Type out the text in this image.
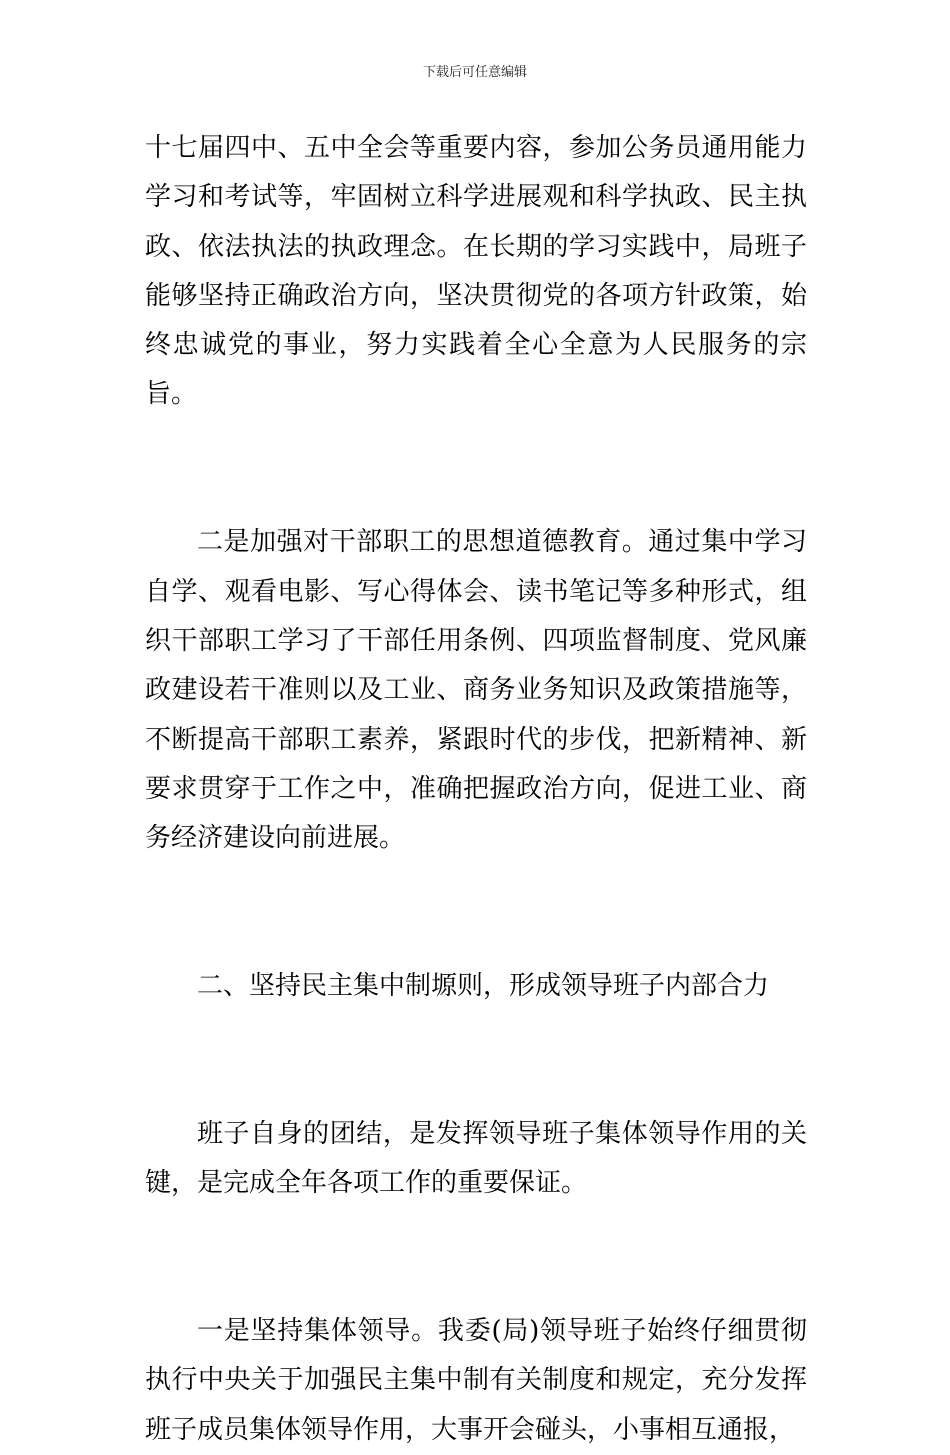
下载后可任意编辑

十七届四中、五中全会等重要内容，参加公务员通用能力学习和考试等，牢固树立科学进展观和科学执政、民主执政、依法执法的执政理念。在长期的学习实践中，局班子能够坚持正确政治方向，坚决贯彻党的各项方针政策，始终忠诚党的事业，努力实践着全心全意为人民服务的宗旨。

二是加强对干部职工的思想道德教育。通过集中学习自学、观看电影、写心得体会、读书笔记等多种形式，组织干部职工学习了干部任用条例、四项监督制度、党风廉政建设若干准则以及工业、商务业务知识及政策措施等，不断提高干部职工素养，紧跟时代的步伐，把新精神、新要求贯穿于工作之中，准确把握政治方向，促进工业、商务经济建设向前进展。

二、坚持民主集中制塬则，形成领导班子内部合力

班子自身的团结，是发挥领导班子集体领导作用的关键，是完成全年各项工作的重要保证。

一是坚持集体领导。我委(局)领导班子始终仔细贯彻执行中央关于加强民主集中制有关制度和规定，充分发挥班子成员集体领导作用，大事开会碰头，小事相互通报，
